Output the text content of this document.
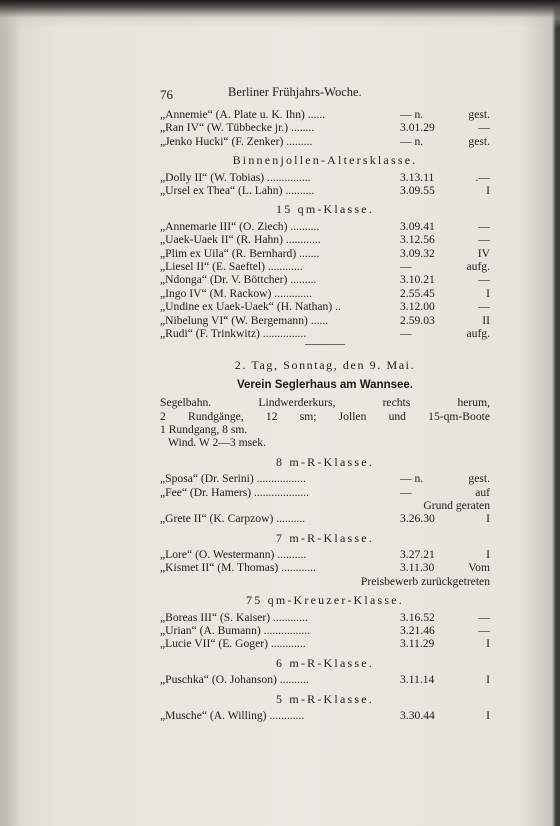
76	Berliner Frühjahrs-Woche.
„Annemie“ (A. Plate u. K. Ihn) ......	— n.	gest.
„Ran IV“ (W. Tübbecke jr.) ........	3.01.29	—
„Jenko Hucki“ (F. Zenker) .........	— n.	gest.
Binnenjollen-Altersklasse.
„Dolly II“ (W. Tobias) ...............	3.13.11	.—
„Ursel ex Thea“ (L. Lahn) ..........	3.09.55	I
15 qm-Klasse.
„Annemarie III“ (O. Ziech) ..........	3.09.41	—
„Uaek-Uaek II“ (R. Hahn) ............	3.12.56	—
„Plim ex Uila“ (R. Bernhard) .......	3.09.32	IV
„Liesel II“ (E. Saeftel) ............	—	aufg.
„Ndonga“ (Dr. V. Böttcher) .........	3.10.21	—
„Ingo IV“ (M. Rackow) .............	2.55.45	I
„Undine ex Uaek-Uaek“ (H. Nathan) ..	3.12.00	—
„Nibelung VI“ (W. Bergemann) ......	2.59.03	II
„Rudi“ (F. Trinkwitz) ...............	—	aufg.
2. Tag, Sonntag, den 9. Mai.
Verein Seglerhaus am Wannsee.
Segelbahn. Lindwerderkurs, rechts herum,
2 Rundgänge, 12 sm; Jollen und 15-qm-Boote
1 Rundgang, 8 sm.
Wind. W 2—3 msek.
8 m-R-Klasse.
„Sposa“ (Dr. Serini) .................	— n.	gest.
„Fee“ (Dr. Hamers) ...................	—	auf
Grund geraten
„Grete II“ (K. Carpzow) ..........	3.26.30	I
7 m-R-Klasse.
„Lore“ (O. Westermann) ..........	3.27.21	I
„Kismet II“ (M. Thomas) ............	3.11.30	Vom
Preisbewerb zurückgetreten
75 qm-Kreuzer-Klasse.
„Boreas III“ (S. Kaiser) ............	3.16.52	—
„Urian“ (A. Bumann) ................	3.21.46	—
„Lucie VII“ (E. Goger) ............	3.11.29	I
6 m-R-Klasse.
„Puschka“ (O. Johanson) ..........	3.11.14	I
5 m-R-Klasse.
„Musche“ (A. Willing) ............	3.30.44	I
